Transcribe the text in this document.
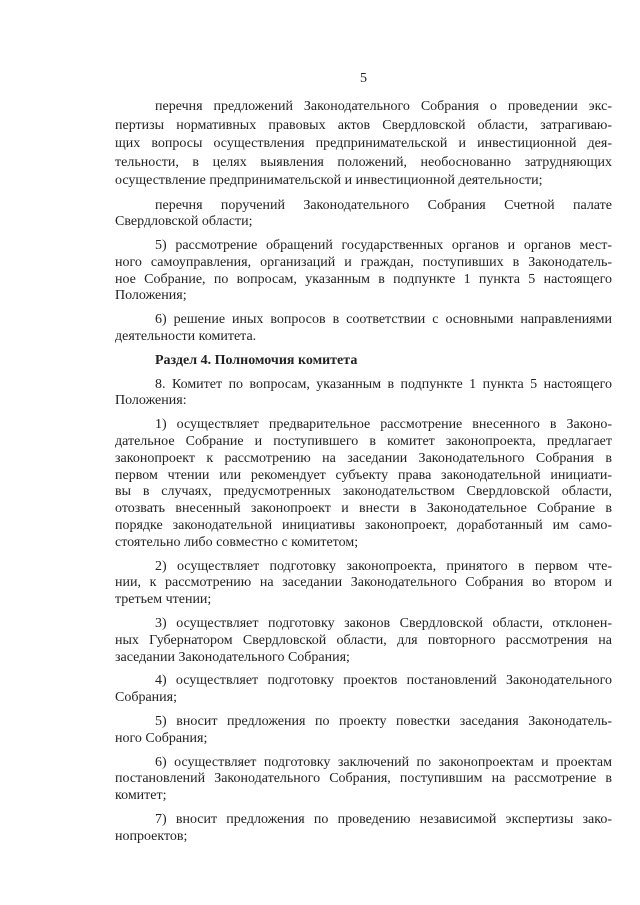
5
перечня предложений Законодательного Собрания о проведении экс-
пертизы нормативных правовых актов Свердловской области, затрагиваю-
щих вопросы осуществления предпринимательской и инвестиционной дея-
тельности, в целях выявления положений, необоснованно затрудняющих
осуществление предпринимательской и инвестиционной деятельности;
перечня поручений Законодательного Собрания Счетной палате
Свердловской области;
5) рассмотрение обращений государственных органов и органов мест-
ного самоуправления, организаций и граждан, поступивших в Законодатель-
ное Собрание, по вопросам, указанным в подпункте 1 пункта 5 настоящего
Положения;
6) решение иных вопросов в соответствии с основными направлениями
деятельности комитета.
Раздел 4. Полномочия комитета
8. Комитет по вопросам, указанным в подпункте 1 пункта 5 настоящего
Положения:
1) осуществляет предварительное рассмотрение внесенного в Законо-
дательное Собрание и поступившего в комитет законопроекта, предлагает
законопроект к рассмотрению на заседании Законодательного Собрания в
первом чтении или рекомендует субъекту права законодательной инициати-
вы в случаях, предусмотренных законодательством Свердловской области,
отозвать внесенный законопроект и внести в Законодательное Собрание в
порядке законодательной инициативы законопроект, доработанный им само-
стоятельно либо совместно с комитетом;
2) осуществляет подготовку законопроекта, принятого в первом чте-
нии, к рассмотрению на заседании Законодательного Собрания во втором и
третьем чтении;
3) осуществляет подготовку законов Свердловской области, отклонен-
ных Губернатором Свердловской области, для повторного рассмотрения на
заседании Законодательного Собрания;
4) осуществляет подготовку проектов постановлений Законодательного
Собрания;
5) вносит предложения по проекту повестки заседания Законодатель-
ного Собрания;
6) осуществляет подготовку заключений по законопроектам и проектам
постановлений Законодательного Собрания, поступившим на рассмотрение в
комитет;
7) вносит предложения по проведению независимой экспертизы зако-
нопроектов;
